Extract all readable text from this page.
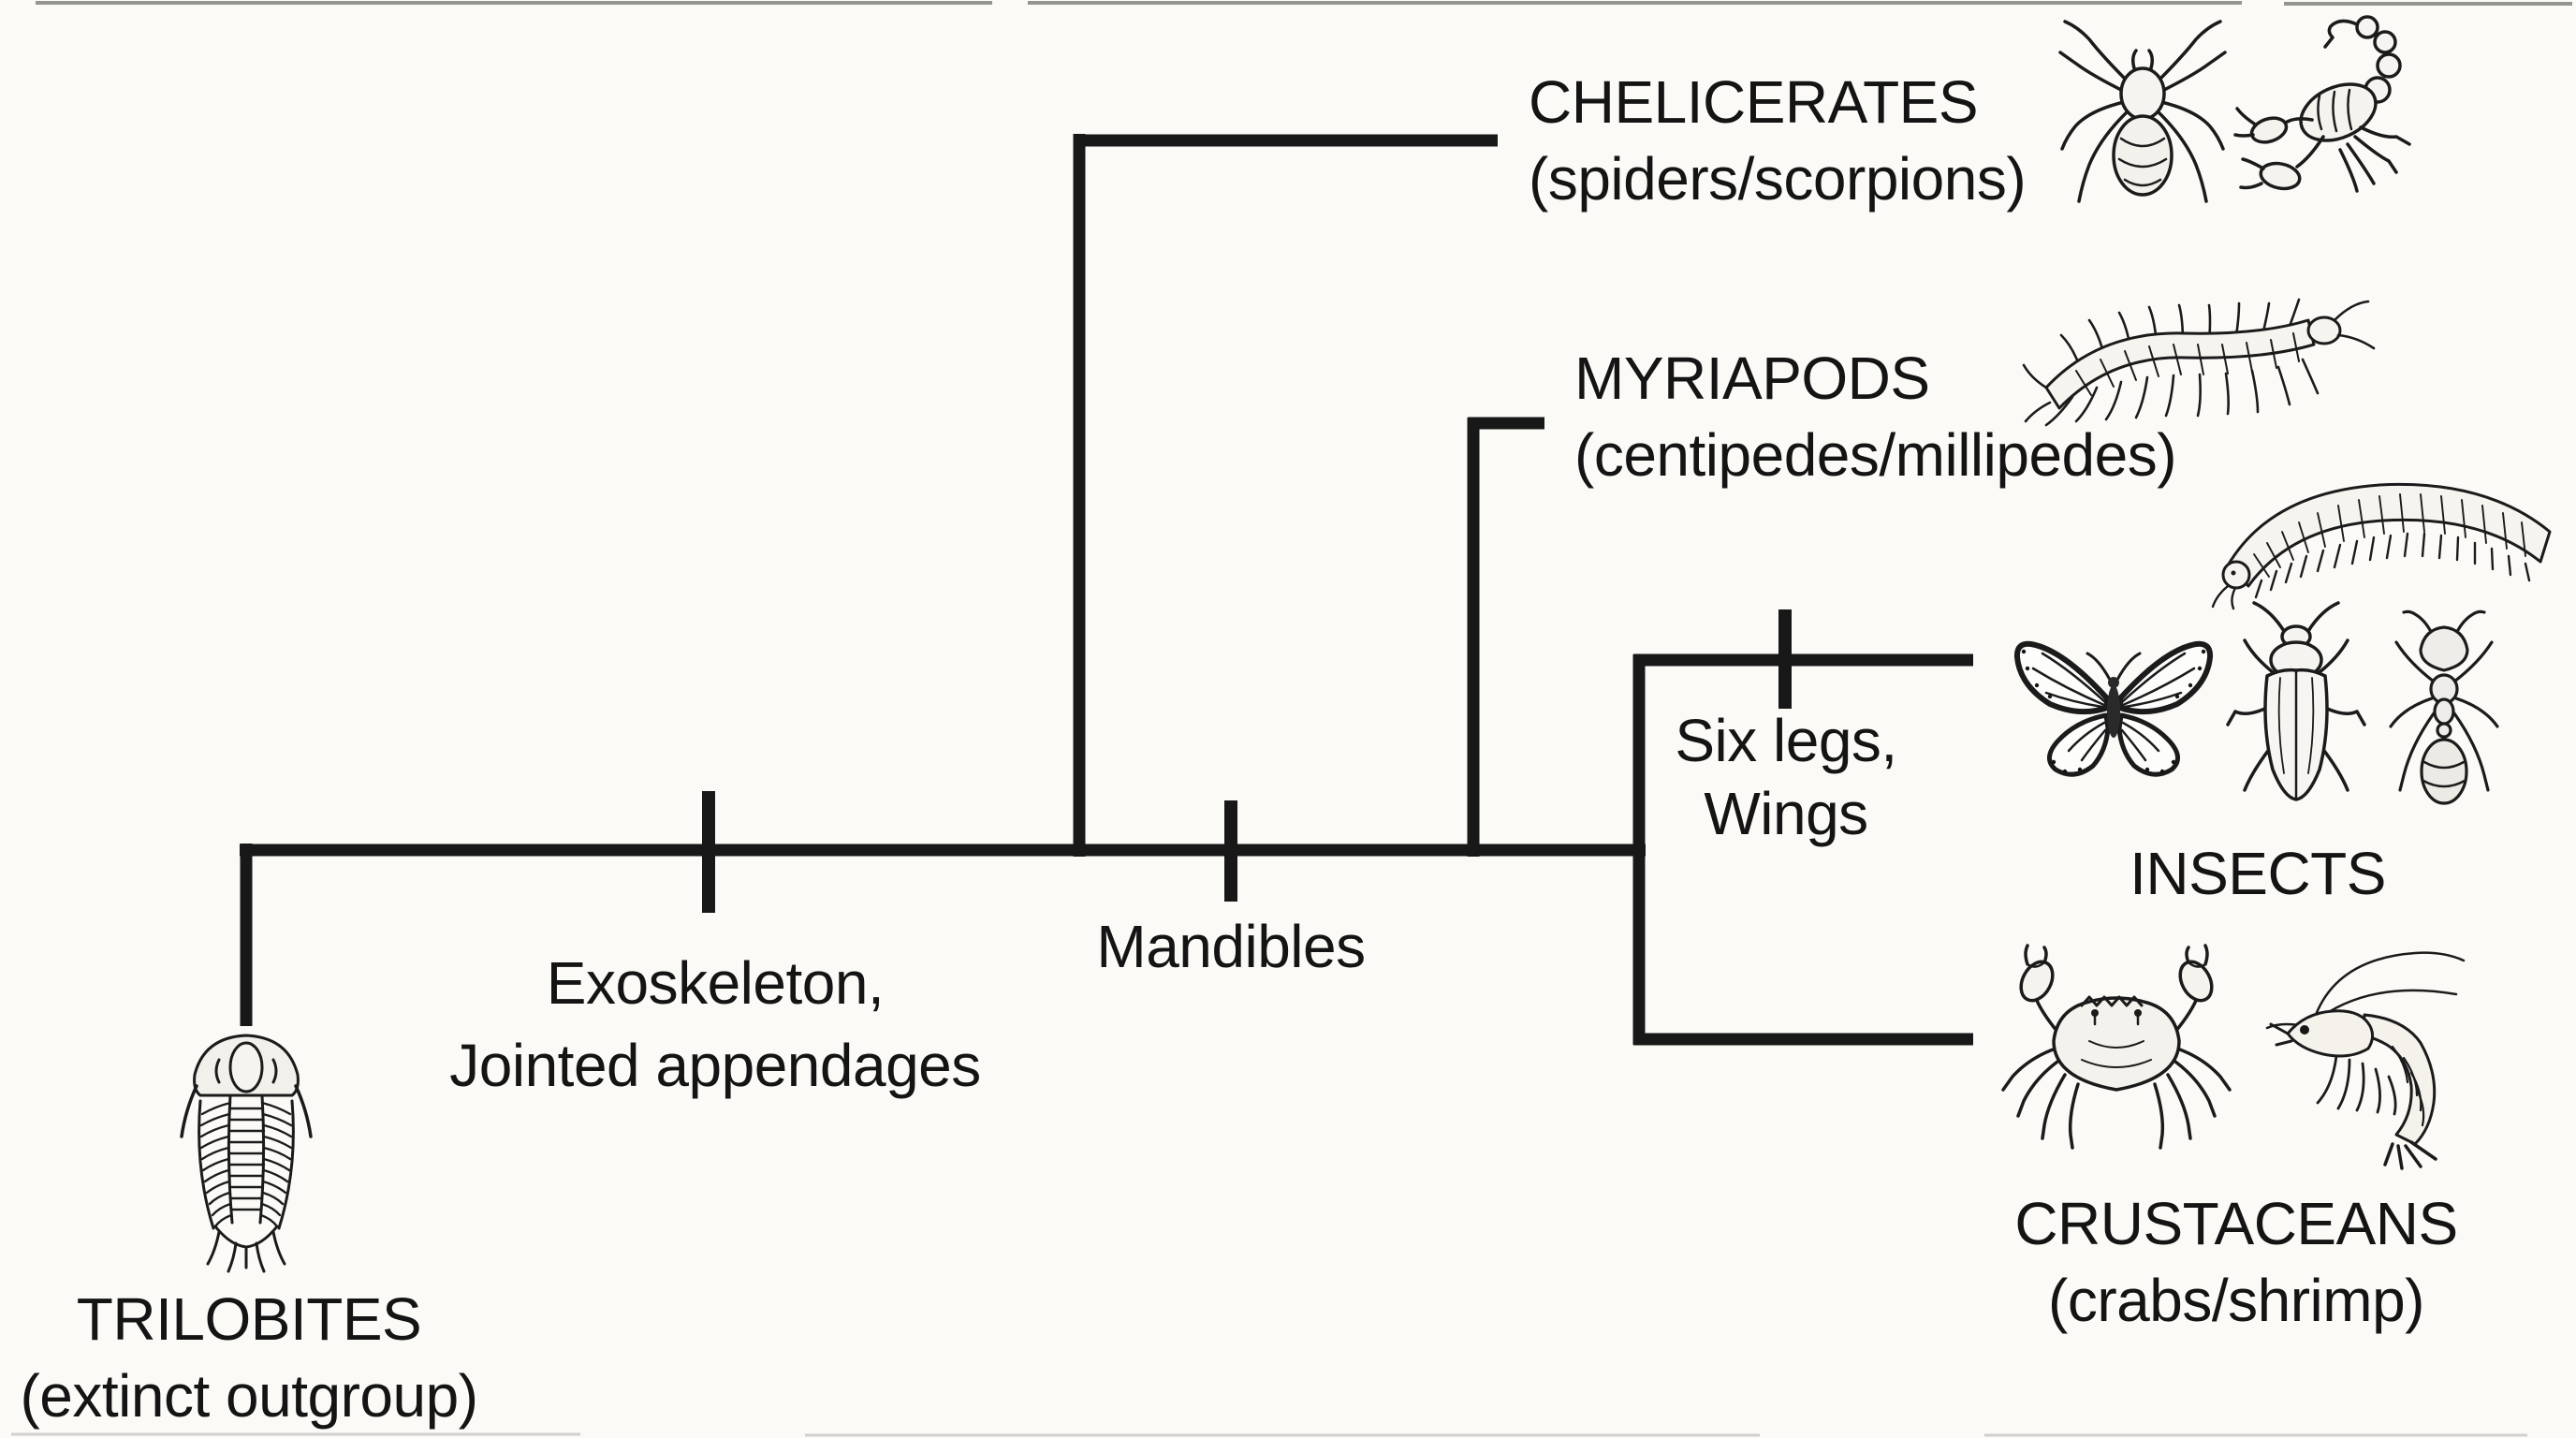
CHELICERATES
(spiders/scorpions)
MYRIAPODS
(centipedes/millipedes)
INSECTS
CRUSTACEANS
(crabs/shrimp)
TRILOBITES
(extinct outgroup)
Exoskeleton,
Jointed appendages
Mandibles
Six legs,
Wings
